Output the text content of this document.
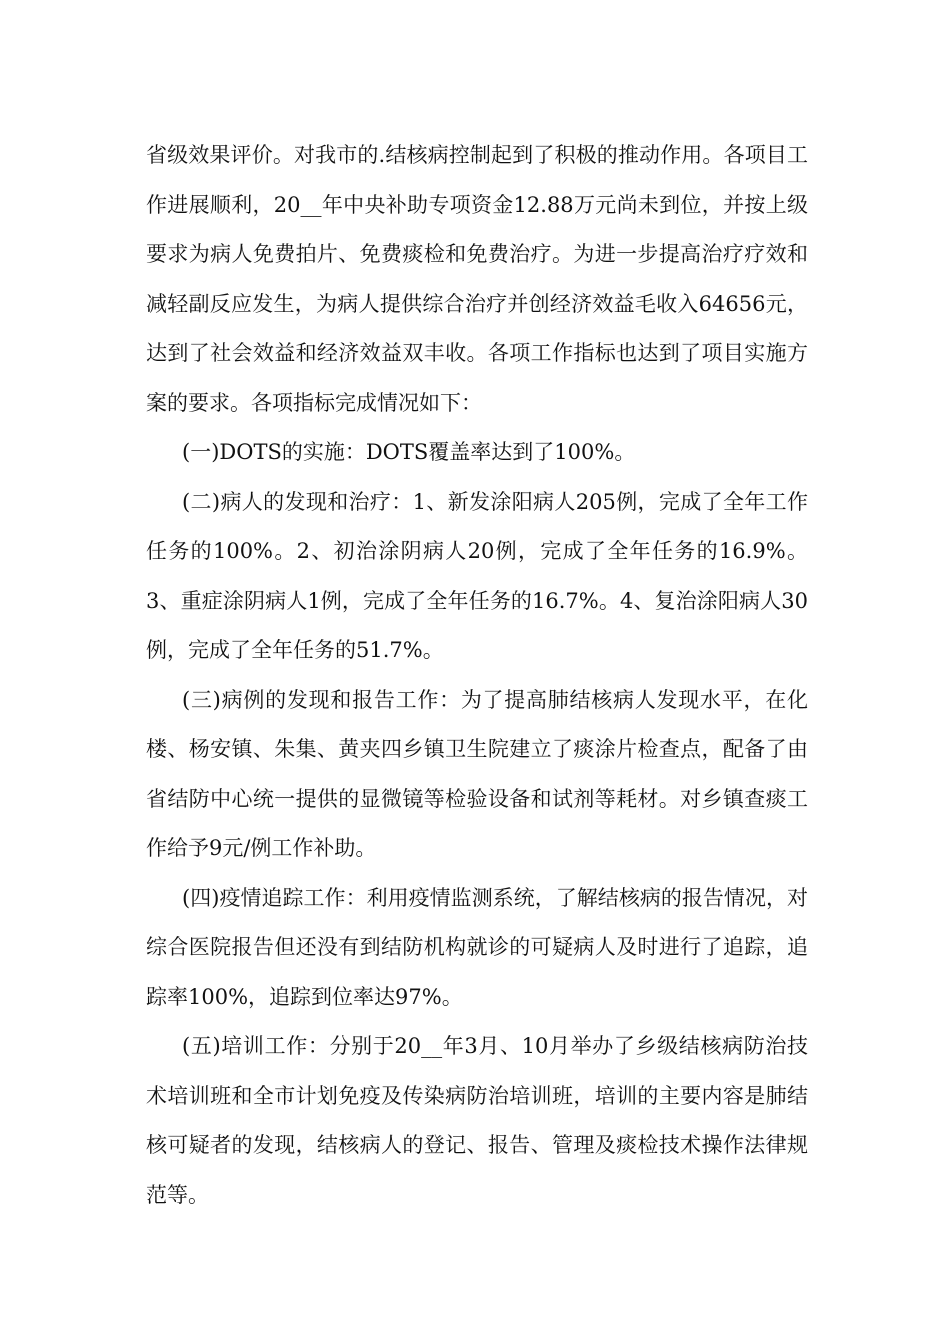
省级效果评价。对我市的.结核病控制起到了积极的推动作用。各项目工作进展顺利，20__年中央补助专项资金12.88万元尚未到位，并按上级要求为病人免费拍片、免费痰检和免费治疗。为进一步提高治疗疗效和减轻副反应发生，为病人提供综合治疗并创经济效益毛收入64656元，达到了社会效益和经济效益双丰收。各项工作指标也达到了项目实施方案的要求。各项指标完成情况如下：

(一)DOTS的实施：DOTS覆盖率达到了100%。

(二)病人的发现和治疗：1、新发涂阳病人205例，完成了全年工作任务的100%。2、初治涂阴病人20例，完成了全年任务的16.9%。3、重症涂阴病人1例，完成了全年任务的16.7%。4、复治涂阳病人30例，完成了全年任务的51.7%。

(三)病例的发现和报告工作：为了提高肺结核病人发现水平，在化楼、杨安镇、朱集、黄夹四乡镇卫生院建立了痰涂片检查点，配备了由省结防中心统一提供的显微镜等检验设备和试剂等耗材。对乡镇查痰工作给予9元/例工作补助。

(四)疫情追踪工作：利用疫情监测系统，了解结核病的报告情况，对综合医院报告但还没有到结防机构就诊的可疑病人及时进行了追踪，追踪率100%，追踪到位率达97%。

(五)培训工作：分别于20__年3月、10月举办了乡级结核病防治技术培训班和全市计划免疫及传染病防治培训班，培训的主要内容是肺结核可疑者的发现，结核病人的登记、报告、管理及痰检技术操作法律规范等。
